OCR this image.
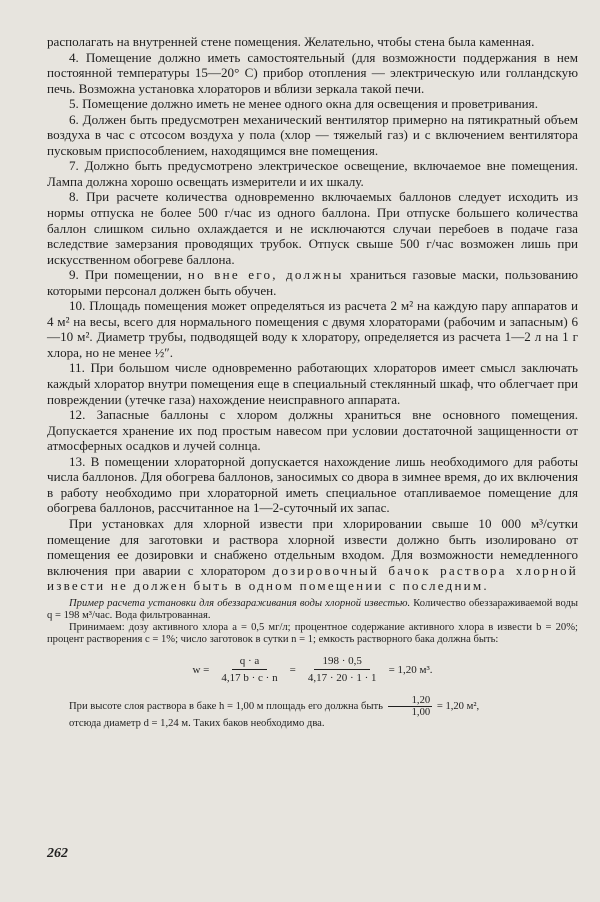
располагать на внутренней стене помещения. Желательно, чтобы стена была каменная.

4. Помещение должно иметь самостоятельный (для возможности поддержания в нем постоянной температуры 15—20° С) прибор отопления — электрическую или голландскую печь. Возможна установка хлораторов и вблизи зеркала такой печи.

5. Помещение должно иметь не менее одного окна для освещения и проветривания.

6. Должен быть предусмотрен механический вентилятор примерно на пятикратный объем воздуха в час с отсосом воздуха у пола (хлор — тяжелый газ) и с включением вентилятора пусковым приспособлением, находящимся вне помещения.

7. Должно быть предусмотрено электрическое освещение, включаемое вне помещения. Лампа должна хорошо освещать измерители и их шкалу.

8. При расчете количества одновременно включаемых баллонов следует исходить из нормы отпуска не более 500 г/час из одного баллона. При отпуске большего количества баллон слишком сильно охлаждается и не исключаются случаи перебоев в подаче газа вследствие замерзания проводящих трубок. Отпуск свыше 500 г/час возможен лишь при искусственном обогреве баллона.

9. При помещении, но вне его, должны храниться газовые маски, пользованию которыми персонал должен быть обучен.

10. Площадь помещения может определяться из расчета 2 м² на каждую пару аппаратов и 4 м² на весы, всего для нормального помещения с двумя хлораторами (рабочим и запасным) 6—10 м². Диаметр трубы, подводящей воду к хлоратору, определяется из расчета 1—2 л на 1 г хлора, но не менее ½″.

11. При большом числе одновременно работающих хлораторов имеет смысл заключать каждый хлоратор внутри помещения еще в специальный стеклянный шкаф, что облегчает при повреждении (утечке газа) нахождение неисправного аппарата.

12. Запасные баллоны с хлором должны храниться вне основного помещения. Допускается хранение их под простым навесом при условии достаточной защищенности от атмосферных осадков и лучей солнца.

13. В помещении хлораторной допускается нахождение лишь необходимого для работы числа баллонов. Для обогрева баллонов, заносимых со двора в зимнее время, до их включения в работу необходимо при хлораторной иметь специальное отапливаемое помещение для обогрева баллонов, рассчитанное на 1—2-суточный их запас.

При установках для хлорной извести при хлорировании свыше 10 000 м³/сутки помещение для заготовки и раствора хлорной извести должно быть изолировано от помещения ее дозировки и снабжено отдельным входом. Для возможности немедленного включения при аварии с хлоратором дозировочный бачок раствора хлорной извести не должен быть в одном помещении с последним.

Пример расчета установки для обеззараживания воды хлорной известью. Количество обеззараживаемой воды q = 198 м³/час. Вода фильтрованная.

Принимаем: дозу активного хлора a = 0,5 мг/л; процентное содержание активного хлора в извести b = 20%; процент растворения c = 1%; число заготовок в сутки n = 1; емкость растворного бака должна быть:

$w = \frac{q \cdot a}{4,17 b \cdot c \cdot n} = \frac{198 \cdot 0,5}{4,17 \cdot 20 \cdot 1 \cdot 1} = 1,20$ м³.

При высоте слоя раствора в баке h = 1,00 м площадь его должна быть $\frac{1,20}{1,00} = 1,20$ м²,

отсюда диаметр d = 1,24 м. Таких баков необходимо два.

262
